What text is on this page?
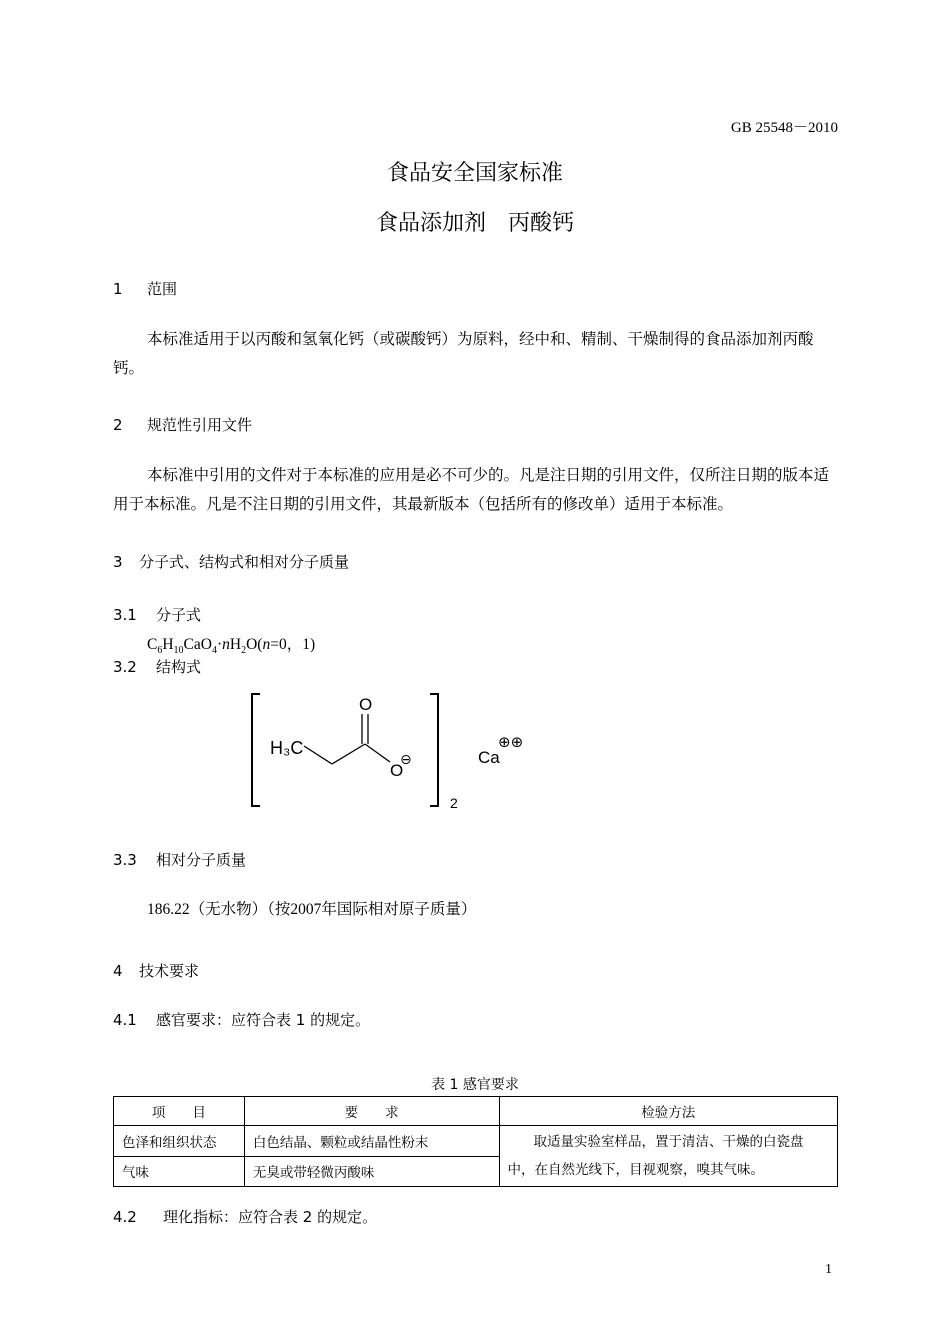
GB 25548－2010
食品安全国家标准
食品添加剂　丙酸钙
1 范围
本标准适用于以丙酸和氢氧化钙（或碳酸钙）为原料，经中和、精制、干燥制得的食品添加剂丙酸钙。
2 规范性引用文件
本标准中引用的文件对于本标准的应用是必不可少的。凡是注日期的引用文件，仅所注日期的版本适用于本标准。凡是不注日期的引用文件，其最新版本（包括所有的修改单）适用于本标准。
3 分子式、结构式和相对分子质量
3.1 分子式
$C_6H_{10}CaO_4\cdot nH_2O(n=0$，1)
3.2 结构式
H₃C
O
O
⊖
2
Ca
⊕⊕
3.3 相对分子质量
186.22（无水物）（按2007年国际相对原子质量）
4 技术要求
4.1 感官要求：应符合表 1 的规定。
表 1 感官要求
项　　目	要　　求	检验方法
色泽和组织状态	白色结晶、颗粒或结晶性粉末	取适量实验室样品，置于清洁、干燥的白瓷盘中，在自然光线下，目视观察，嗅其气味。
气味	无臭或带轻微丙酸味	
4.2 理化指标：应符合表 2 的规定。
1
